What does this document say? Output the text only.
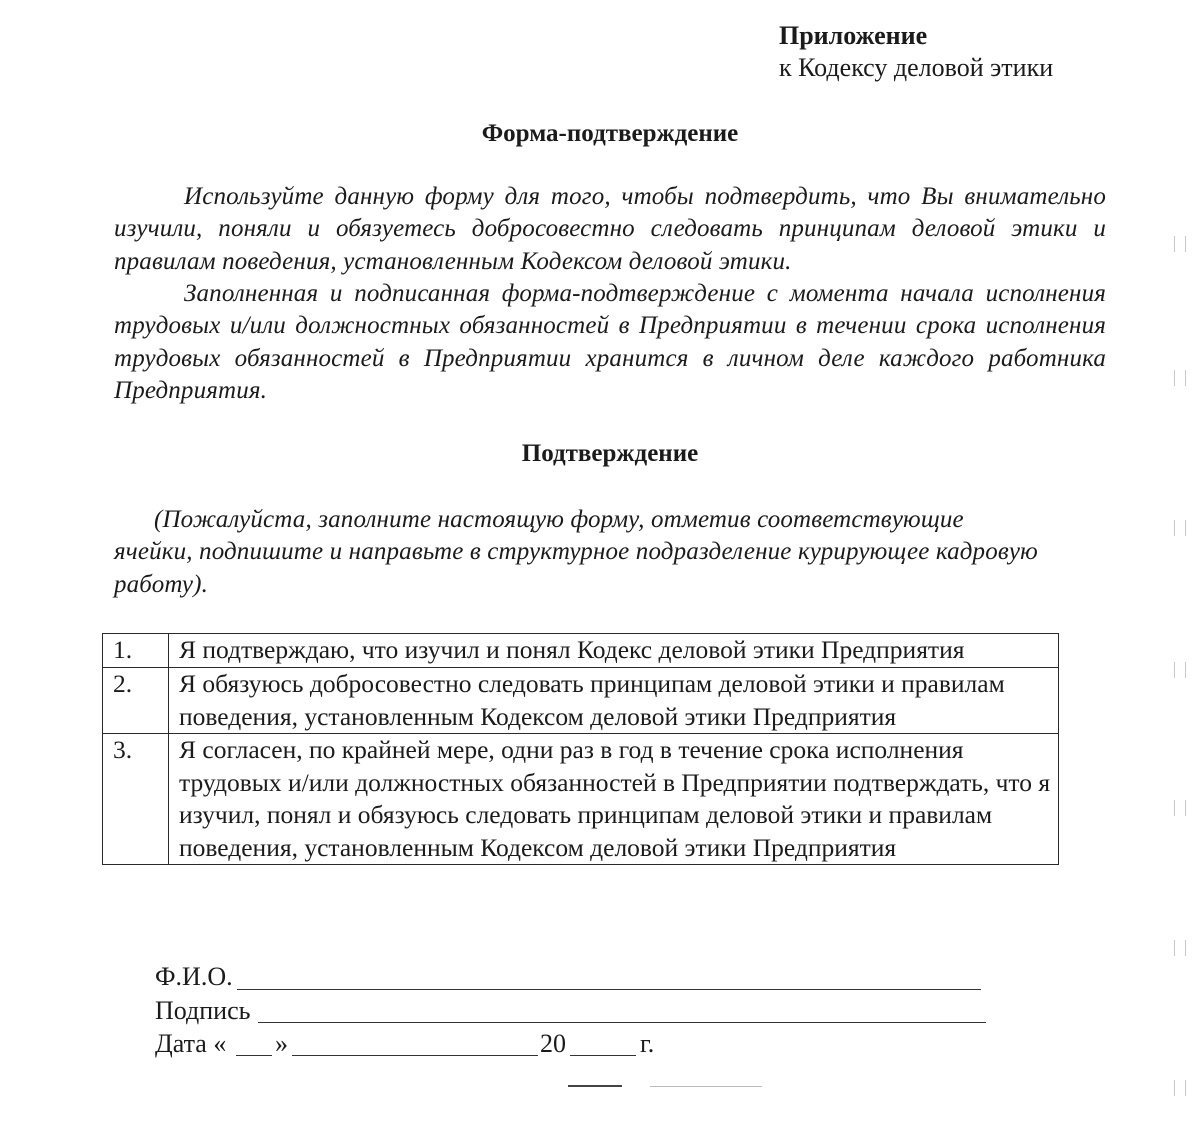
Приложение
к Кодексу деловой этики
Форма-подтверждение

Используйте данную форму для того, чтобы подтвердить, что Вы внимательно изучили, поняли и обязуетесь добросовестно следовать принципам деловой этики и правилам поведения, установленным Кодексом деловой этики.

Заполненная и подписанная форма-подтверждение с момента начала исполнения трудовых и/или должностных обязанностей в Предприятии в течении срока исполнения трудовых обязанностей в Предприятии хранится в личном деле каждого работника Предприятия.

Подтверждение

(Пожалуйста, заполните настоящую форму, отметив соответствующие ячейки, подпишите и направьте в структурное подразделение курирующее кадровую работу).

1.	Я подтверждаю, что изучил и понял Кодекс деловой этики Предприятия
2.	Я обязуюсь добросовестно следовать принципам деловой этики и правилам поведения, установленным Кодексом деловой этики Предприятия
3.	Я согласен, по крайней мере, одни раз в год в течение срока исполнения трудовых и/или должностных обязанностей в Предприятии подтверждать, что я изучил, понял и обязуюсь следовать принципам деловой этики и правилам поведения, установленным Кодексом деловой этики Предприятия
Ф.И.О.
Подпись
Дата « »	20	г.
